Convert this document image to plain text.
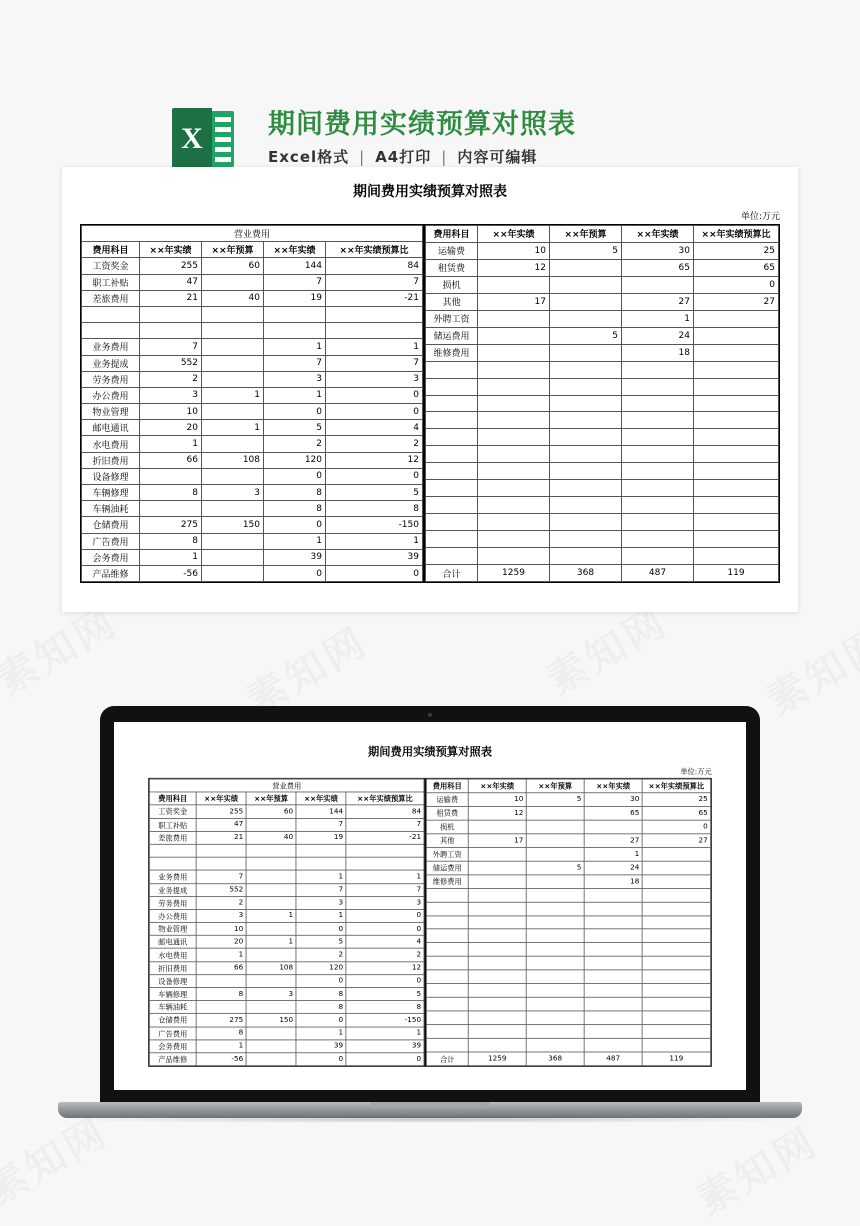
X	期间费用实绩预算对照表
Excel格式 | A4打印 | 内容可编辑
期间费用实绩预算对照表
单位:万元
营业费用				
费用科目	××年实绩	××年预算	××年实绩	××年实绩预算比
工资奖金	255	60	144	84
职工补贴	47		7	7
差旅费用	21	40	19	-21

业务费用	7		1	1
业务提成	552		7	7
劳务费用	2		3	3
办公费用	3	1	1	0
物业管理	10		0	0
邮电通讯	20	1	5	4
水电费用	1		2	2
折旧费用	66	108	120	12
设备修理			0	0
车辆修理	8	3	8	5
车辆油耗			8	8
仓储费用	275	150	0	-150
广告费用	8		1	1
会务费用	1		39	39
产品维修	-56		0	0
费用科目	××年实绩	××年预算	××年实绩	××年实绩预算比
运输费	10	5	30	25
租赁费	12		65	65
损机				0
其他	17		27	27
外聘工资			1	
储运费用		5	24	
维修费用			18	

合计	1259	368	487	119
期间费用实绩预算对照表
单位:万元
营业费用				
费用科目	××年实绩	××年预算	××年实绩	××年实绩预算比
工资奖金	255	60	144	84
职工补贴	47		7	7
差旅费用	21	40	19	-21

业务费用	7		1	1
业务提成	552		7	7
劳务费用	2		3	3
办公费用	3	1	1	0
物业管理	10		0	0
邮电通讯	20	1	5	4
水电费用	1		2	2
折旧费用	66	108	120	12
设备修理			0	0
车辆修理	8	3	8	5
车辆油耗			8	8
仓储费用	275	150	0	-150
广告费用	8		1	1
会务费用	1		39	39
产品维修	-56		0	0
费用科目	××年实绩	××年预算	××年实绩	××年实绩预算比
运输费	10	5	30	25
租赁费	12		65	65
损机				0
其他	17		27	27
外聘工资			1	
储运费用		5	24	
维修费用			18	

合计	1259	368	487	119
